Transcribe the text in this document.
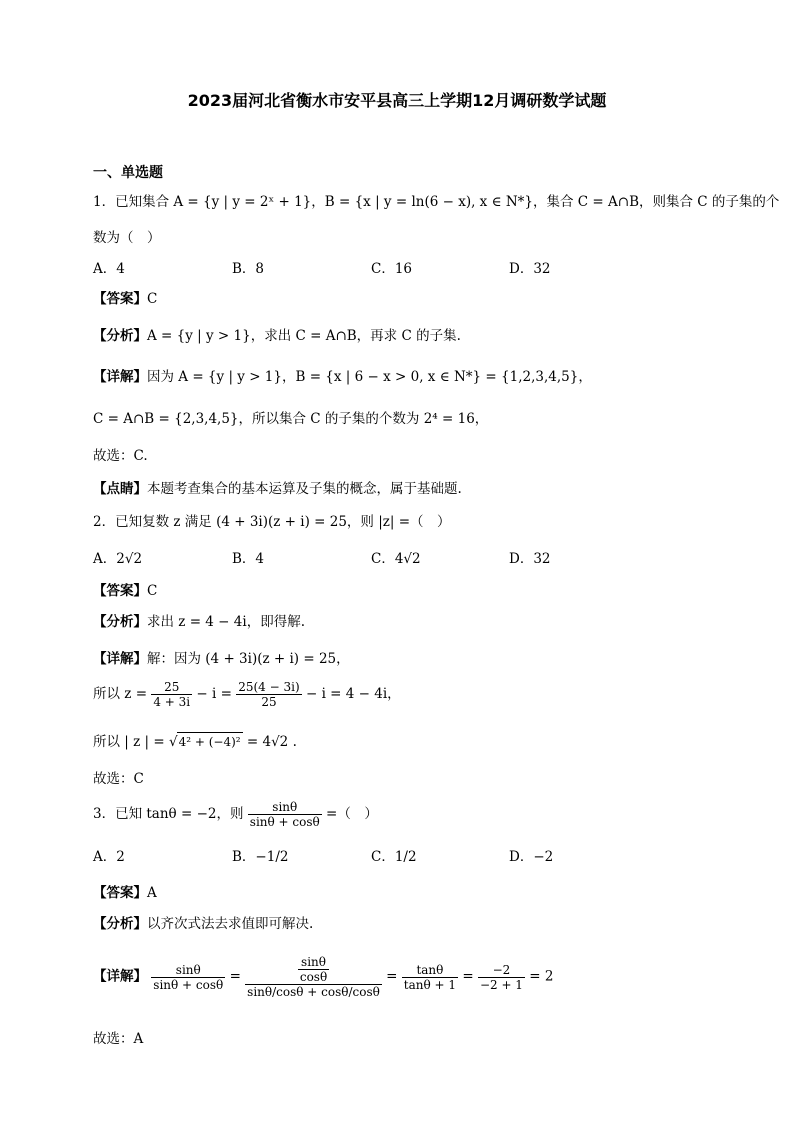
2023届河北省衡水市安平县高三上学期12月调研数学试题
一、单选题
1．已知集合 A = {y | y = 2ˣ + 1}，B = {x | y = ln(6 − x), x ∈ N*}，集合 C = A∩B，则集合 C 的子集的个
数为（　）
A．4	B．8	C．16	D．32
【答案】C
【分析】A = {y | y > 1}，求出 C = A∩B，再求 C 的子集.
【详解】因为 A = {y | y > 1}，B = {x | 6 − x > 0, x ∈ N*} = {1,2,3,4,5}，
C = A∩B = {2,3,4,5}，所以集合 C 的子集的个数为 2⁴ = 16，
故选：C.
【点睛】本题考查集合的基本运算及子集的概念，属于基础题.
2．已知复数 z 满足 (4 + 3i)(z + i) = 25，则 |z| =（　）
A．2√2	B．4	C．4√2	D．32
【答案】C
【分析】求出 z = 4 − 4i，即得解.
【详解】解：因为 (4 + 3i)(z + i) = 25，
所以 $z = \frac{25}{4 + 3i} - i = \frac{25(4 - 3i)}{25} - i = 4 - 4i$，
所以 | z | = √4² + (−4)² = 4√2 .
故选：C
3．已知 tanθ = −2，则 $\frac{\sin\theta}{\sin\theta + \cos\theta}$ =（　）
A．2	B．−1/2	C．1/2	D．−2
【答案】A
【分析】以齐次式法去求值即可解决.
【详解】 $\frac{\sin\theta}{\sin\theta + \cos\theta} = \frac{\frac{\sin\theta}{\cos\theta}}{\sin\theta/\cos\theta + \cos\theta/\cos\theta} = \frac{\tan\theta}{\tan\theta + 1} = \frac{-2}{-2 + 1} = 2$
故选：A
